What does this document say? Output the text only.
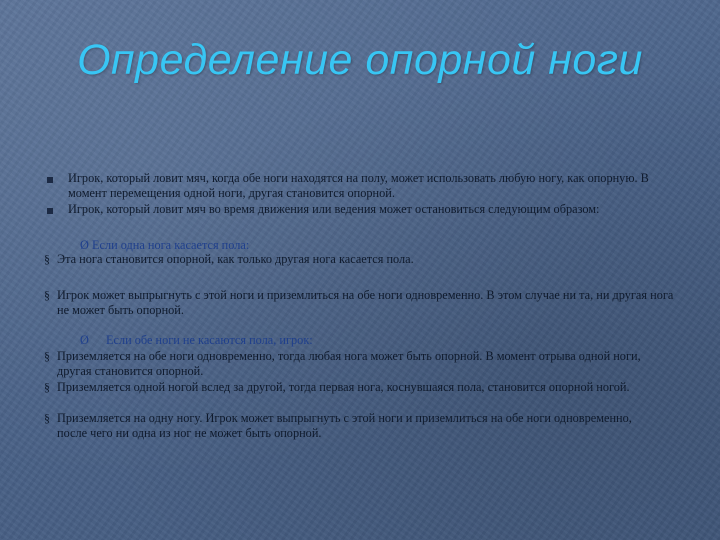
Определение опорной ноги
Игрок, который ловит мяч, когда обе ноги находятся на полу, может использовать любую ногу, как опорную. В момент перемещения одной ноги, другая становится опорной.
Игрок, который ловит мяч во время движения или ведения может остановиться следующим образом:
Ø Если одна нога касается пола:
§ Эта нога становится опорной, как только другая нога касается пола.
§ Игрок может выпрыгнуть с этой ноги и приземлиться на обе ноги одновременно. В этом случае ни та, ни другая нога не может быть опорной.
Ø Если обе ноги не касаются пола, игрок:
§ Приземляется на обе ноги одновременно, тогда любая нога может быть опорной. В момент отрыва одной ноги, другая становится опорной.
§ Приземляется одной ногой вслед за другой, тогда первая нога, коснувшаяся пола, становится опорной ногой.
§ Приземляется на одну ногу. Игрок может выпрыгнуть с этой ноги и приземлиться на обе ноги одновременно, после чего ни одна из ног не может быть опорной.
